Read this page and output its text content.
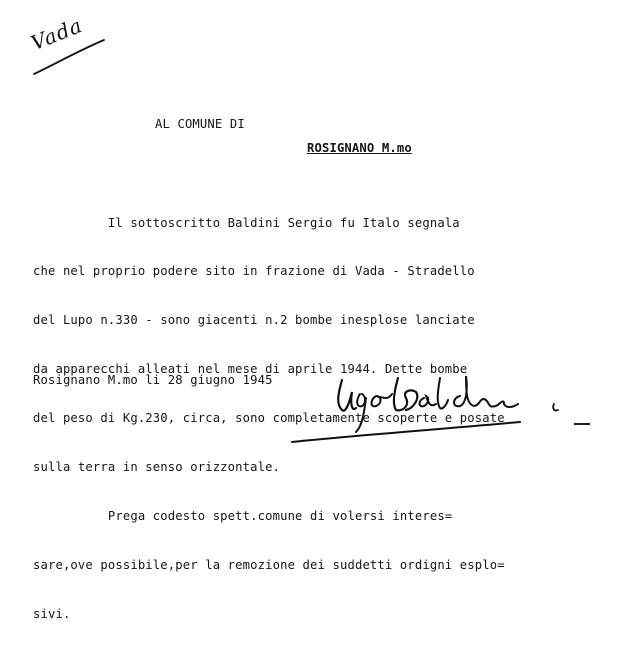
Vada
AL COMUNE DI
ROSIGNANO M.mo

Il sottoscritto Baldini Sergio fu Italo segnala

che nel proprio podere sito in frazione di Vada - Stradello

del Lupo n.330 - sono giacenti n.2 bombe inesplose lanciate

da apparecchi alleati nel mese di aprile 1944. Dette bombe

del peso di Kg.230, circa, sono completamente scoperte e posate

sulla terra in senso orizzontale.

Prega codesto spett.comune di volersi interes=

sare,ove possibile,per la remozione dei suddetti ordigni esplo=

sivi.

Rosignano M.mo li 28 giugno 1945
